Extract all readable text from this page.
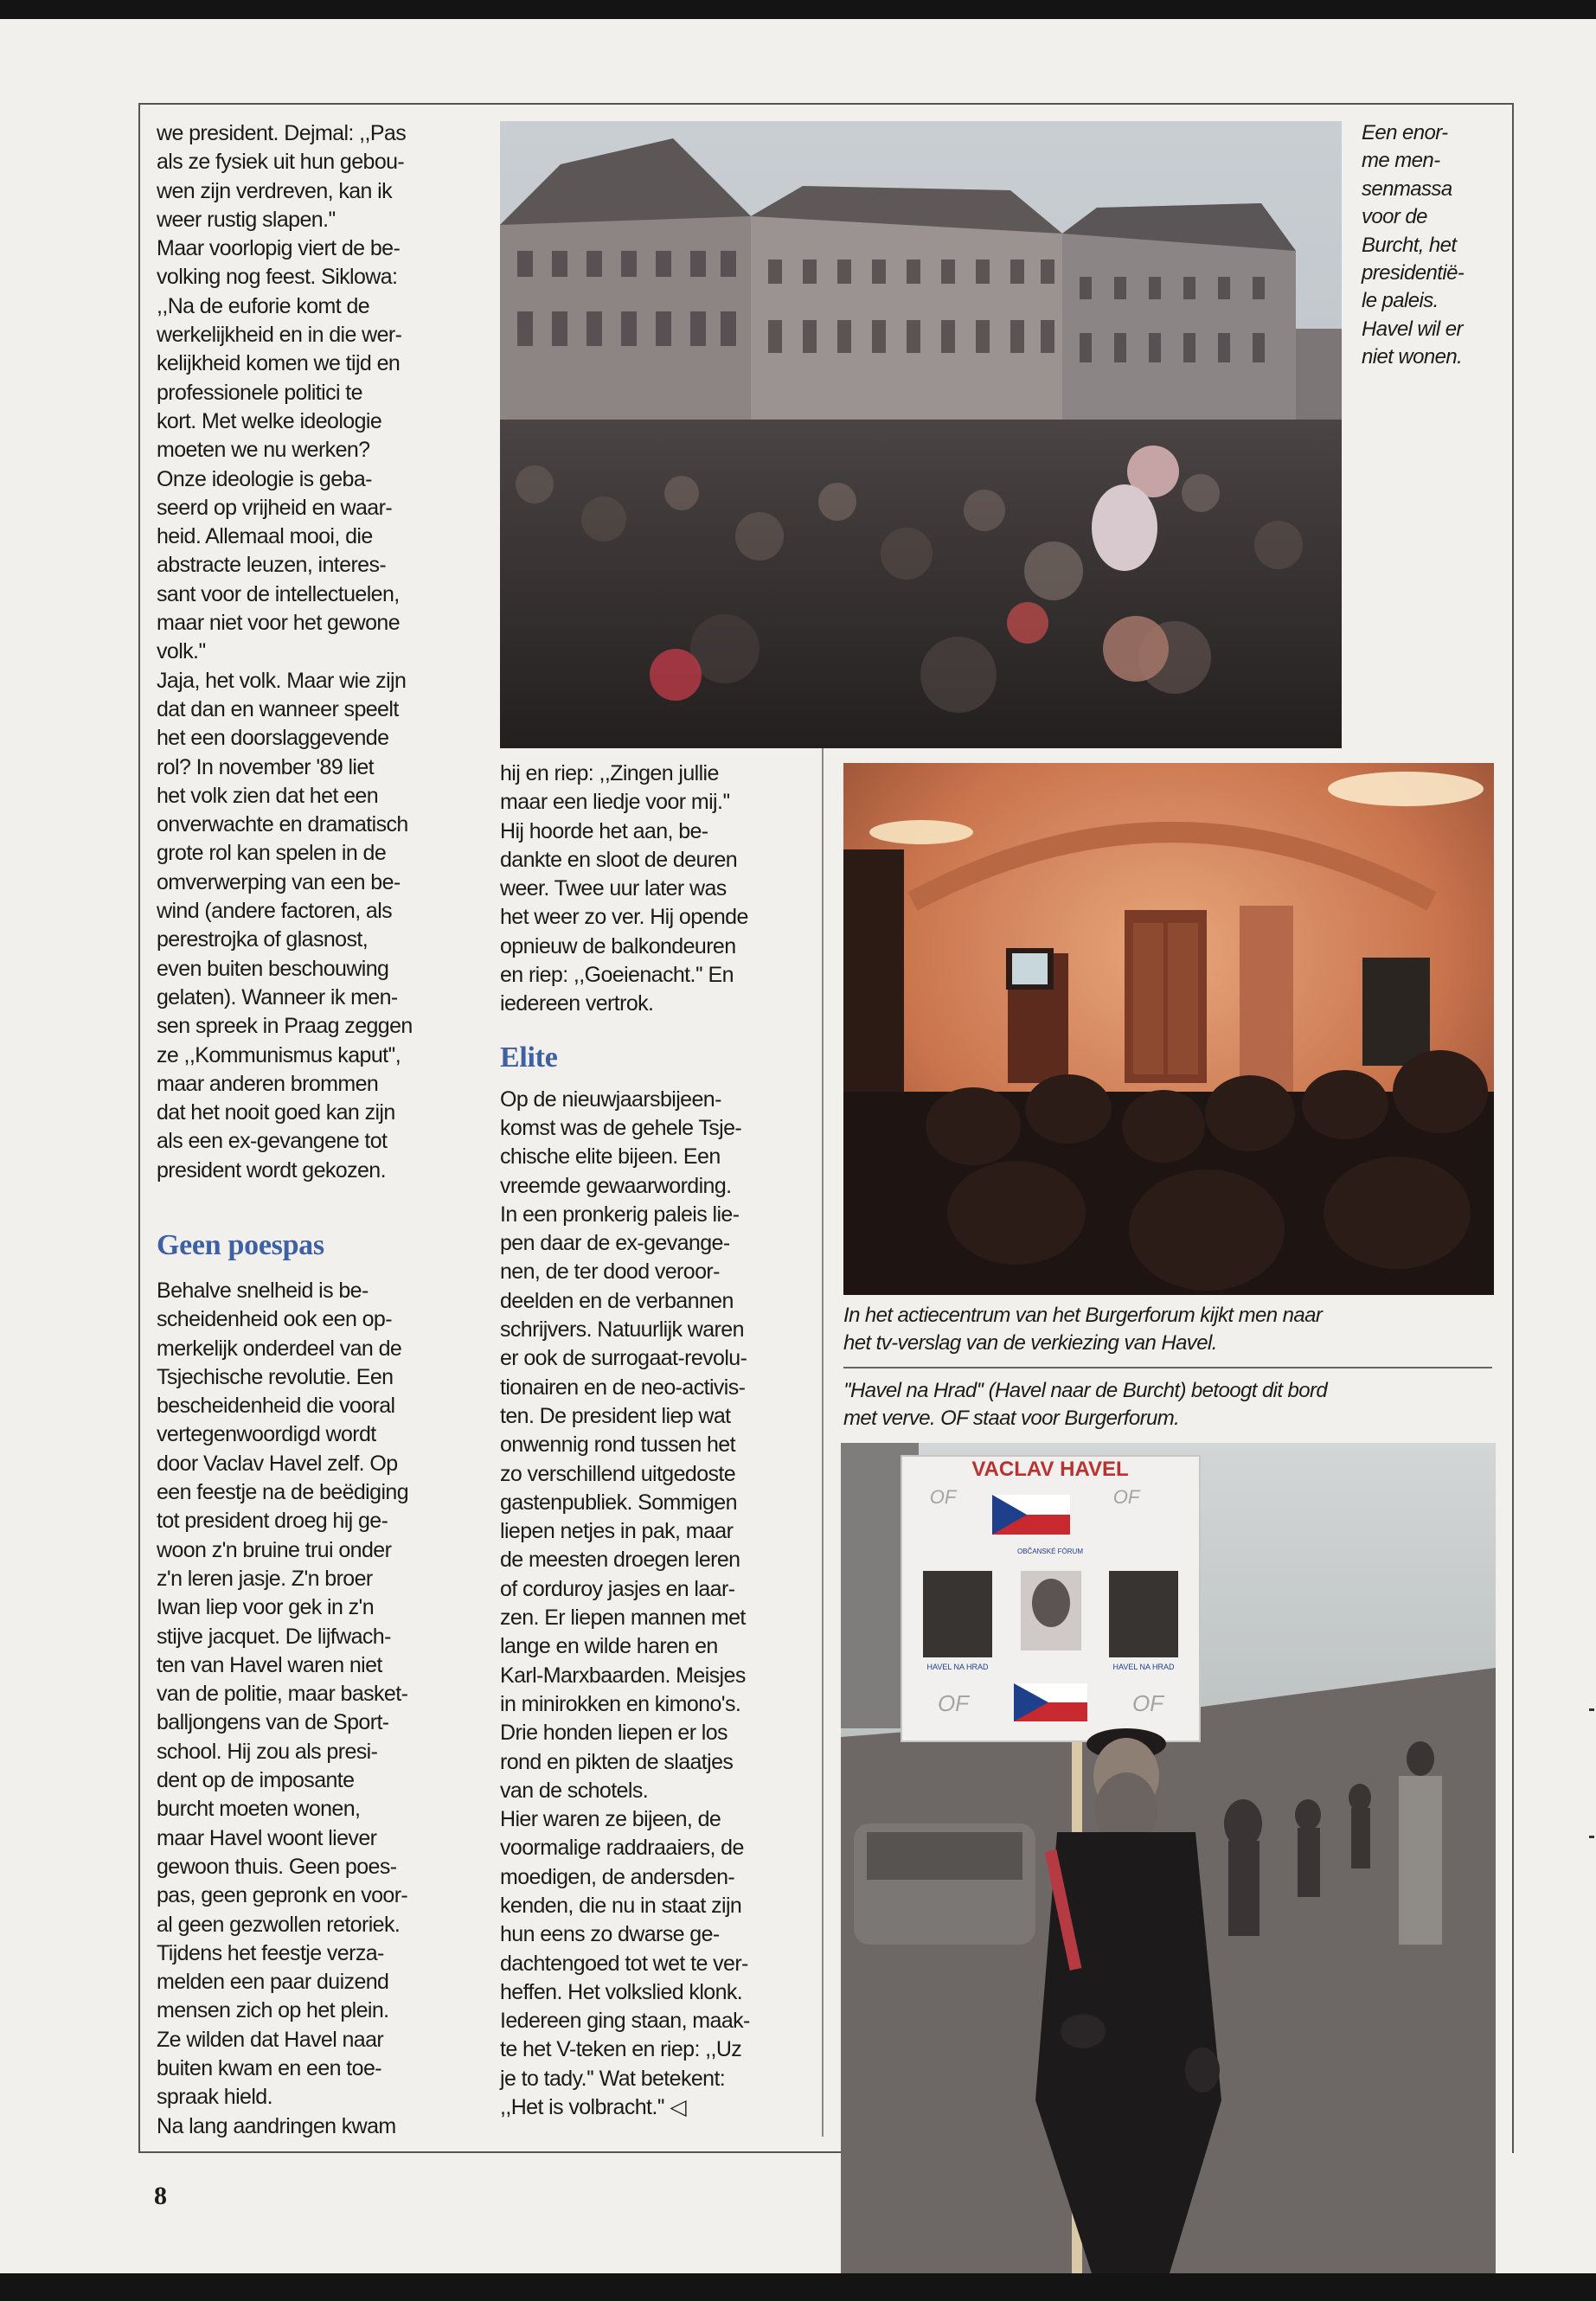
we president. Dejmal: ,,Pas
als ze fysiek uit hun gebou-
wen zijn verdreven, kan ik
weer rustig slapen.''
Maar voorlopig viert de be-
volking nog feest. Siklowa:
,,Na de euforie komt de
werkelijkheid en in die wer-
kelijkheid komen we tijd en
professionele politici te
kort. Met welke ideologie
moeten we nu werken?
Onze ideologie is geba-
seerd op vrijheid en waar-
heid. Allemaal mooi, die
abstracte leuzen, interes-
sant voor de intellectuelen,
maar niet voor het gewone
volk.''

Jaja, het volk. Maar wie zijn
dat dan en wanneer speelt
het een doorslaggevende
rol? In november '89 liet
het volk zien dat het een
onverwachte en dramatisch
grote rol kan spelen in de
omverwerping van een be-
wind (andere factoren, als
perestrojka of glasnost,
even buiten beschouwing
gelaten). Wanneer ik men-
sen spreek in Praag zeggen
ze ,,Kommunismus kaput'',
maar anderen brommen
dat het nooit goed kan zijn
als een ex-gevangene tot
president wordt gekozen.

Geen poespas

Behalve snelheid is be-
scheidenheid ook een op-
merkelijk onderdeel van de
Tsjechische revolutie. Een
bescheidenheid die vooral
vertegenwoordigd wordt
door Vaclav Havel zelf. Op
een feestje na de beëdiging
tot president droeg hij ge-
woon z'n bruine trui onder
z'n leren jasje. Z'n broer
Iwan liep voor gek in z'n
stijve jacquet. De lijfwach-
ten van Havel waren niet
van de politie, maar basket-
balljongens van de Sport-
school. Hij zou als presi-
dent op de imposante
burcht moeten wonen,
maar Havel woont liever
gewoon thuis. Geen poes-
pas, geen gepronk en voor-
al geen gezwollen retoriek.
Tijdens het feestje verza-
melden een paar duizend
mensen zich op het plein.
Ze wilden dat Havel naar
buiten kwam en een toe-
spraak hield.
Na lang aandringen kwam

hij en riep: ,,Zingen jullie
maar een liedje voor mij.''
Hij hoorde het aan, be-
dankte en sloot de deuren
weer. Twee uur later was
het weer zo ver. Hij opende
opnieuw de balkondeuren
en riep: ,,Goeienacht.'' En
iedereen vertrok.

Elite

Op de nieuwjaarsbijeen-
komst was de gehele Tsje-
chische elite bijeen. Een
vreemde gewaarwording.
In een pronkerig paleis lie-
pen daar de ex-gevange-
nen, de ter dood veroor-
deelden en de verbannen
schrijvers. Natuurlijk waren
er ook de surrogaat-revolu-
tionairen en de neo-activis-
ten. De president liep wat
onwennig rond tussen het
zo verschillend uitgedoste
gastenpubliek. Sommigen
liepen netjes in pak, maar
de meesten droegen leren
of corduroy jasjes en laar-
zen. Er liepen mannen met
lange en wilde haren en
Karl-Marxbaarden. Meisjes
in minirokken en kimono's.
Drie honden liepen er los
rond en pikten de slaatjes
van de schotels.

Hier waren ze bijeen, de
voormalige raddraaiers, de
moedigen, de andersden-
kenden, die nu in staat zijn
hun eens zo dwarse ge-
dachtengoed tot wet te ver-
heffen. Het volkslied klonk.
Iedereen ging staan, maak-
te het V-teken en riep: ,,Uz
je to tady.'' Wat betekent:
,,Het is volbracht.'' ◁

Een enor-
me men-
senmassa
voor de
Burcht, het
presidentië-
le paleis.
Havel wil er
niet wonen.
In het actiecentrum van het Burgerforum kijkt men naar
het tv-verslag van de verkiezing van Havel.
''Havel na Hrad'' (Havel naar de Burcht) betoogt dit bord
met verve. OF staat voor Burgerforum.
VACLAV HAVEL
OBČANSKÉ FÓRUM
HAVEL NA HRAD	HAVEL NA HRAD
OF	OF
OF	OF
8
